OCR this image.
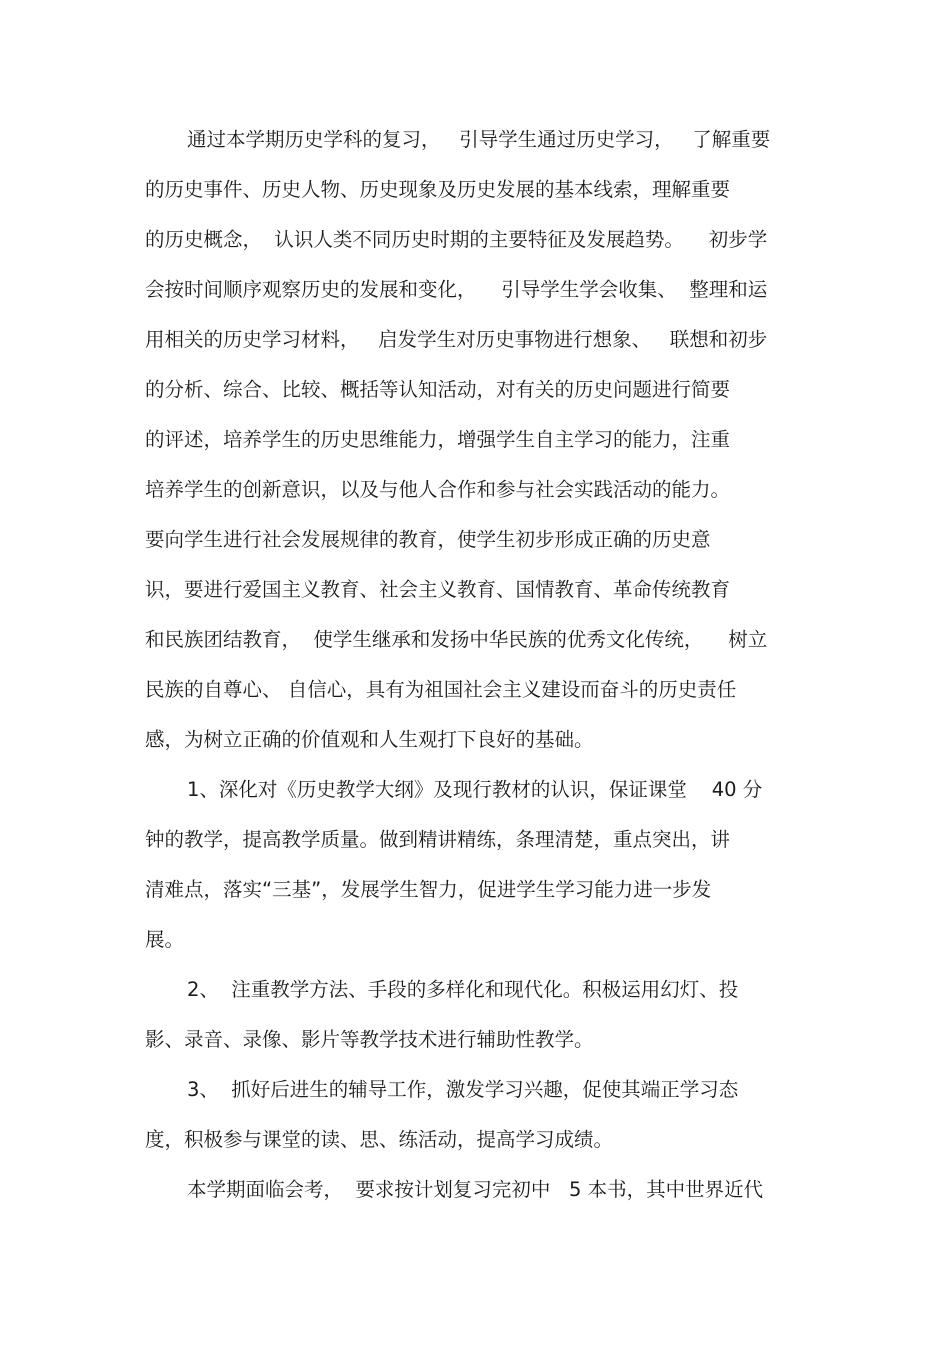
通过本学期历史学科的复习，   引导学生通过历史学习，   了解重要

的历史事件、历史人物、历史现象及历史发展的基本线索，理解重要

的历史概念，  认识人类不同历史时期的主要特征及发展趋势。    初步学

会按时间顺序观察历史的发展和变化，    引导学生学会收集、  整理和运

用相关的历史学习材料，   启发学生对历史事物进行想象、   联想和初步

的分析、综合、比较、概括等认知活动，对有关的历史问题进行简要

的评述，培养学生的历史思维能力，增强学生自主学习的能力，注重

培养学生的创新意识，以及与他人合作和参与社会实践活动的能力。

要向学生进行社会发展规律的教育，使学生初步形成正确的历史意

识，要进行爱国主义教育、社会主义教育、国情教育、革命传统教育

和民族团结教育，  使学生继承和发扬中华民族的优秀文化传统，    树立

民族的自尊心、 自信心，具有为祖国社会主义建设而奋斗的历史责任

感，为树立正确的价值观和人生观打下良好的基础。

1、深化对《历史教学大纲》及现行教材的认识，保证课堂    40 分

钟的教学，提高教学质量。做到精讲精练，条理清楚，重点突出，讲

清难点，落实“三基”，发展学生智力，促进学生学习能力进一步发

展。

2、  注重教学方法、手段的多样化和现代化。积极运用幻灯、投

影、录音、录像、影片等教学技术进行辅助性教学。

3、  抓好后进生的辅导工作，激发学习兴趣，促使其端正学习态

度，积极参与课堂的读、思、练活动，提高学习成绩。

本学期面临会考，  要求按计划复习完初中   5 本书，其中世界近代
